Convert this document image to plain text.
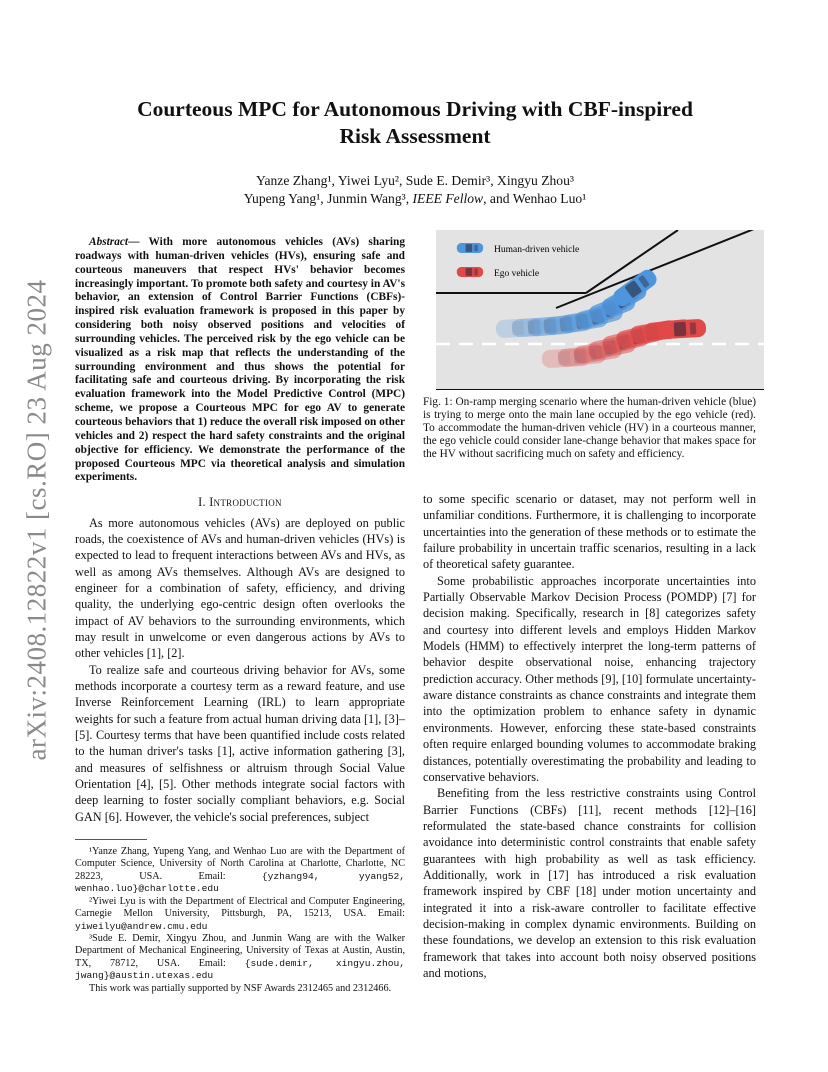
arXiv:2408.12822v1 [cs.RO] 23 Aug 2024
Courteous MPC for Autonomous Driving with CBF-inspired
Risk Assessment
Yanze Zhang¹, Yiwei Lyu², Sude E. Demir³, Xingyu Zhou³
Yupeng Yang¹, Junmin Wang³, IEEE Fellow, and Wenhao Luo¹

Abstract— With more autonomous vehicles (AVs) sharing roadways with human-driven vehicles (HVs), ensuring safe and courteous maneuvers that respect HVs' behavior becomes increasingly important. To promote both safety and courtesy in AV's behavior, an extension of Control Barrier Functions (CBFs)-inspired risk evaluation framework is proposed in this paper by considering both noisy observed positions and velocities of surrounding vehicles. The perceived risk by the ego vehicle can be visualized as a risk map that reflects the understanding of the surrounding environment and thus shows the potential for facilitating safe and courteous driving. By incorporating the risk evaluation framework into the Model Predictive Control (MPC) scheme, we propose a Courteous MPC for ego AV to generate courteous behaviors that 1) reduce the overall risk imposed on other vehicles and 2) respect the hard safety constraints and the original objective for efficiency. We demonstrate the performance of the proposed Courteous MPC via theoretical analysis and simulation experiments.

I. Introduction

As more autonomous vehicles (AVs) are deployed on public roads, the coexistence of AVs and human-driven vehicles (HVs) is expected to lead to frequent interactions between AVs and HVs, as well as among AVs themselves. Although AVs are designed to engineer for a combination of safety, efficiency, and driving quality, the underlying ego-centric design often overlooks the impact of AV behaviors to the surrounding environments, which may result in unwelcome or even dangerous actions by AVs to other vehicles [1], [2].

To realize safe and courteous driving behavior for AVs, some methods incorporate a courtesy term as a reward feature, and use Inverse Reinforcement Learning (IRL) to learn appropriate weights for such a feature from actual human driving data [1], [3]–[5]. Courtesy terms that have been quantified include costs related to the human driver's tasks [1], active information gathering [3], and measures of selfishness or altruism through Social Value Orientation [4], [5]. Other methods integrate social factors with deep learning to foster socially compliant behaviors, e.g. Social GAN [6]. However, the vehicle's social preferences, subject

¹Yanze Zhang, Yupeng Yang, and Wenhao Luo are with the Department of Computer Science, University of North Carolina at Charlotte, Charlotte, NC 28223, USA. Email: {yzhang94, yyang52, wenhao.luo}@charlotte.edu

²Yiwei Lyu is with the Department of Electrical and Computer Engineering, Carnegie Mellon University, Pittsburgh, PA, 15213, USA. Email: yiweilyu@andrew.cmu.edu

³Sude E. Demir, Xingyu Zhou, and Junmin Wang are with the Walker Department of Mechanical Engineering, University of Texas at Austin, Austin, TX, 78712, USA. Email: {sude.demir, xingyu.zhou, jwang}@austin.utexas.edu

This work was partially supported by NSF Awards 2312465 and 2312466.

Human-driven vehicle
Ego vehicle
Fig. 1: On-ramp merging scenario where the human-driven vehicle (blue) is trying to merge onto the main lane occupied by the ego vehicle (red). To accommodate the human-driven vehicle (HV) in a courteous manner, the ego vehicle could consider lane-change behavior that makes space for the HV without sacrificing much on safety and efficiency.

to some specific scenario or dataset, may not perform well in unfamiliar conditions. Furthermore, it is challenging to incorporate uncertainties into the generation of these methods or to estimate the failure probability in uncertain traffic scenarios, resulting in a lack of theoretical safety guarantee.

Some probabilistic approaches incorporate uncertainties into Partially Observable Markov Decision Process (POMDP) [7] for decision making. Specifically, research in [8] categorizes safety and courtesy into different levels and employs Hidden Markov Models (HMM) to effectively interpret the long-term patterns of behavior despite observational noise, enhancing trajectory prediction accuracy. Other methods [9], [10] formulate uncertainty-aware distance constraints as chance constraints and integrate them into the optimization problem to enhance safety in dynamic environments. However, enforcing these state-based constraints often require enlarged bounding volumes to accommodate braking distances, potentially overestimating the probability and leading to conservative behaviors.

Benefiting from the less restrictive constraints using Control Barrier Functions (CBFs) [11], recent methods [12]–[16] reformulated the state-based chance constraints for collision avoidance into deterministic control constraints that enable safety guarantees with high probability as well as task efficiency. Additionally, work in [17] has introduced a risk evaluation framework inspired by CBF [18] under motion uncertainty and integrated it into a risk-aware controller to facilitate effective decision-making in complex dynamic environments. Building on these foundations, we develop an extension to this risk evaluation framework that takes into account both noisy observed positions and motions,
